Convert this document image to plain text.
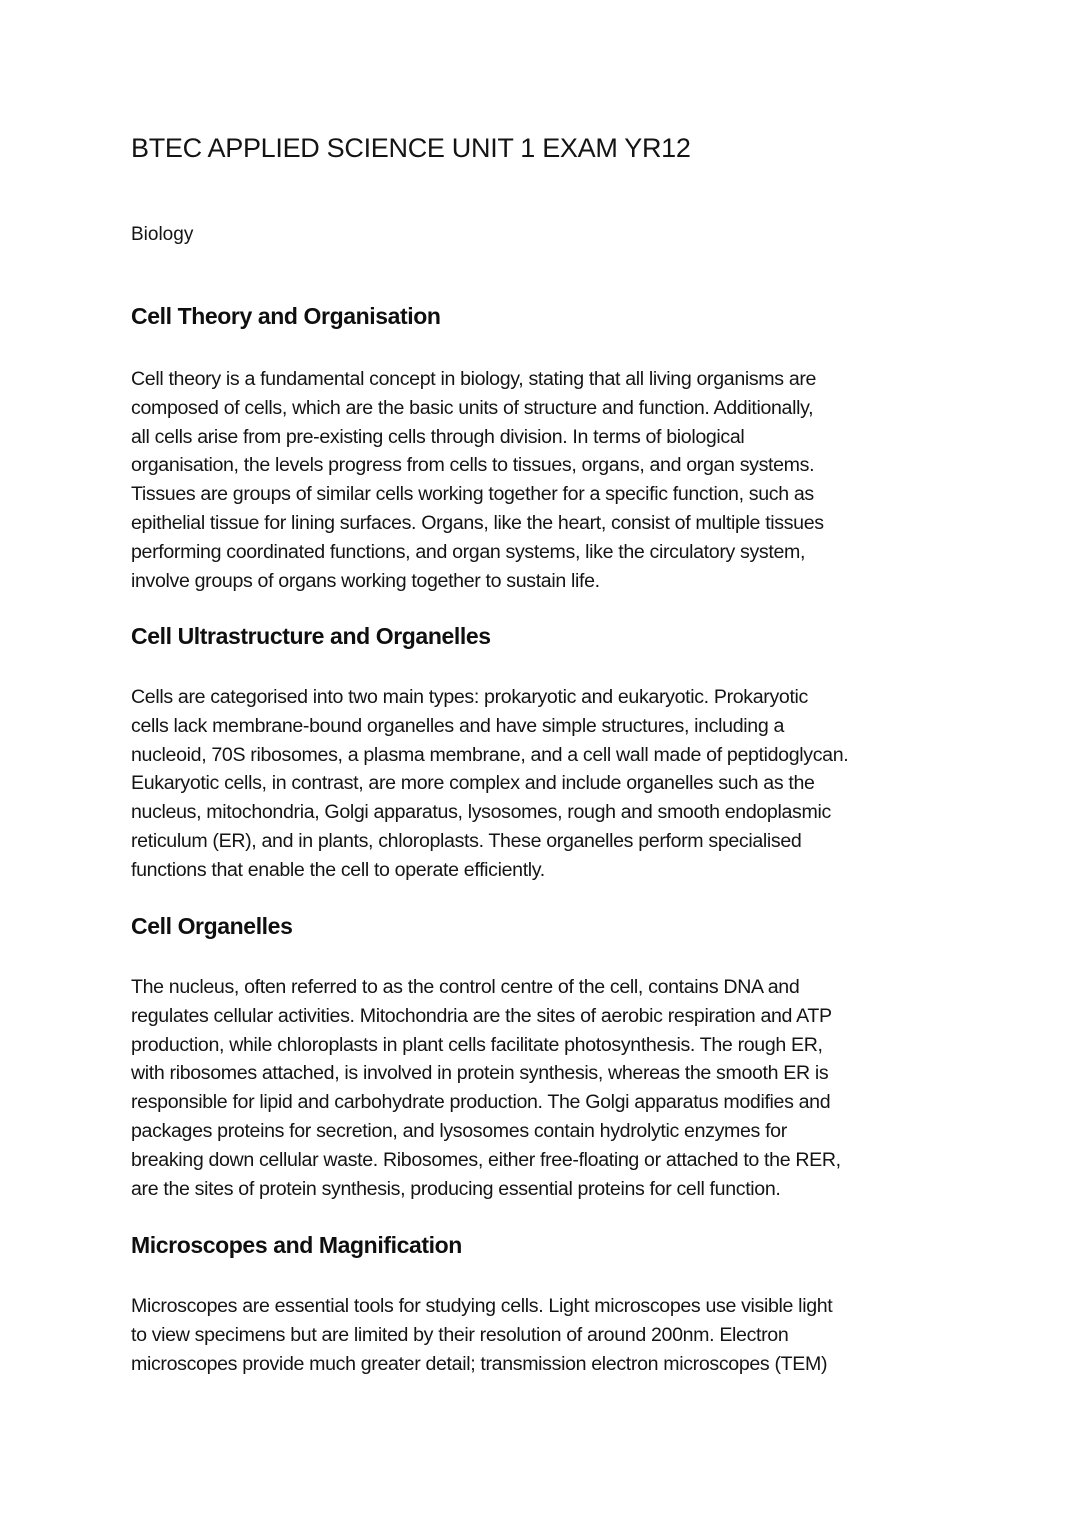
BTEC APPLIED SCIENCE UNIT 1 EXAM YR12

Biology

Cell Theory and Organisation
Cell theory is a fundamental concept in biology, stating that all living organisms are
composed of cells, which are the basic units of structure and function. Additionally,
all cells arise from pre-existing cells through division. In terms of biological
organisation, the levels progress from cells to tissues, organs, and organ systems.
Tissues are groups of similar cells working together for a specific function, such as
epithelial tissue for lining surfaces. Organs, like the heart, consist of multiple tissues
performing coordinated functions, and organ systems, like the circulatory system,
involve groups of organs working together to sustain life.
Cell Ultrastructure and Organelles
Cells are categorised into two main types: prokaryotic and eukaryotic. Prokaryotic
cells lack membrane-bound organelles and have simple structures, including a
nucleoid, 70S ribosomes, a plasma membrane, and a cell wall made of peptidoglycan.
Eukaryotic cells, in contrast, are more complex and include organelles such as the
nucleus, mitochondria, Golgi apparatus, lysosomes, rough and smooth endoplasmic
reticulum (ER), and in plants, chloroplasts. These organelles perform specialised
functions that enable the cell to operate efficiently.
Cell Organelles
The nucleus, often referred to as the control centre of the cell, contains DNA and
regulates cellular activities. Mitochondria are the sites of aerobic respiration and ATP
production, while chloroplasts in plant cells facilitate photosynthesis. The rough ER,
with ribosomes attached, is involved in protein synthesis, whereas the smooth ER is
responsible for lipid and carbohydrate production. The Golgi apparatus modifies and
packages proteins for secretion, and lysosomes contain hydrolytic enzymes for
breaking down cellular waste. Ribosomes, either free-floating or attached to the RER,
are the sites of protein synthesis, producing essential proteins for cell function.
Microscopes and Magnification
Microscopes are essential tools for studying cells. Light microscopes use visible light
to view specimens but are limited by their resolution of around 200nm. Electron
microscopes provide much greater detail; transmission electron microscopes (TEM)
